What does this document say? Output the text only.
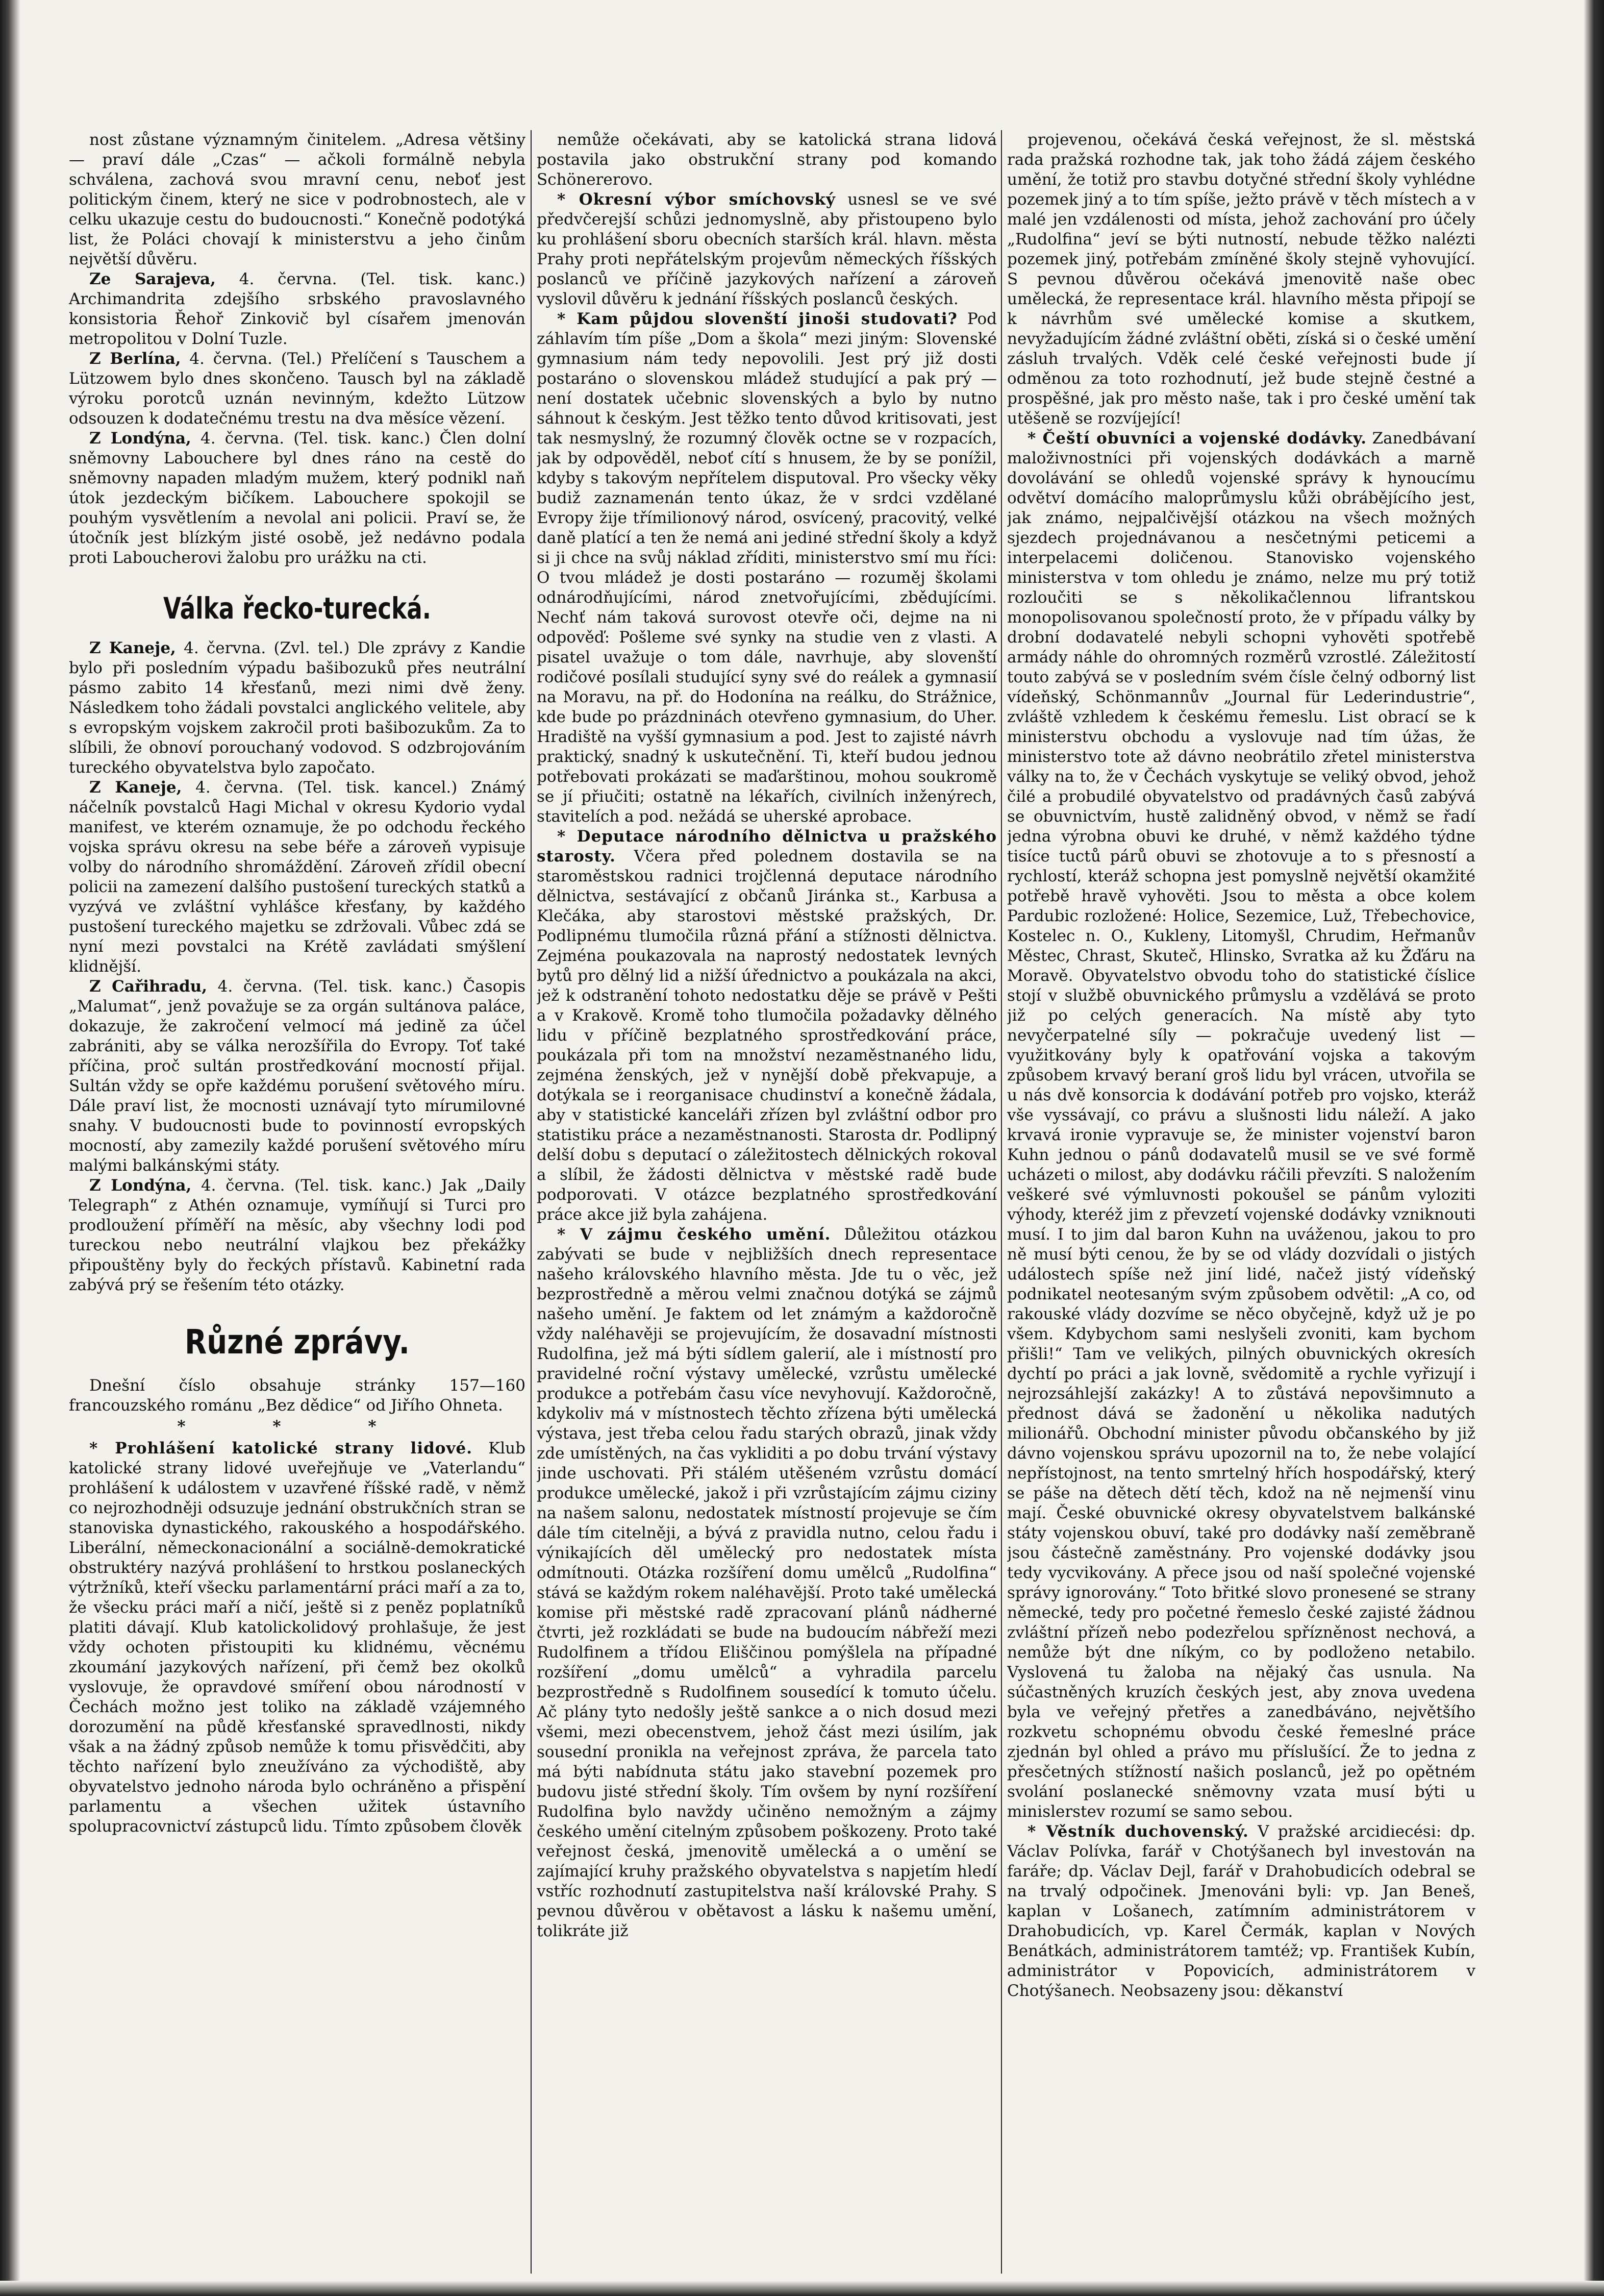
nost zůstane významným činitelem. „Adresa většiny — praví dále „Czas“ — ačkoli formálně nebyla schválena, zachová svou mravní cenu, neboť jest politickým činem, který ne sice v podrobnostech, ale v celku ukazuje cestu do budoucnosti.“ Konečně podotýká list, že Poláci chovají k ministerstvu a jeho činům největší důvěru.

Ze Sarajeva, 4. června. (Tel. tisk. kanc.) Archimandrita zdejšího srbského pravoslavného konsistoria Řehoř Zinkovič byl císařem jmenován metropolitou v Dolní Tuzle.

Z Berlína, 4. června. (Tel.) Přelíčení s Tauschem a Lützowem bylo dnes skončeno. Tausch byl na základě výroku porotců uznán nevinným, kdežto Lützow odsouzen k dodatečnému trestu na dva měsíce vězení.

Z Londýna, 4. června. (Tel. tisk. kanc.) Člen dolní sněmovny Labouchere byl dnes ráno na cestě do sněmovny napaden mladým mužem, který podnikl naň útok jezdeckým bičíkem. Labouchere spokojil se pouhým vysvětlením a nevolal ani policii. Praví se, že útočník jest blízkým jisté osobě, jež nedávno podala proti Laboucherovi žalobu pro urážku na cti.

Válka řecko-turecká.

Z Kaneje, 4. června. (Zvl. tel.) Dle zprávy z Kandie bylo při posledním výpadu bašibozuků přes neutrální pásmo zabito 14 křesťanů, mezi nimi dvě ženy. Následkem toho žádali povstalci anglického velitele, aby s evropským vojskem zakročil proti bašibozukům. Za to slíbili, že obnoví porouchaný vodovod. S odzbrojováním tureckého obyvatelstva bylo započato.

Z Kaneje, 4. června. (Tel. tisk. kancel.) Známý náčelník povstalců Hagi Michal v okresu Kydorio vydal manifest, ve kterém oznamuje, že po odchodu řeckého vojska správu okresu na sebe béře a zároveň vypisuje volby do národního shromáždění. Zároveň zřídil obecní policii na zamezení dalšího pustošení tureckých statků a vyzývá ve zvláštní vyhlášce křesťany, by každého pustošení tureckého majetku se zdržovali. Vůbec zdá se nyní mezi povstalci na Krétě zavládati smýšlení klidnější.

Z Cařihradu, 4. června. (Tel. tisk. kanc.) Časopis „Malumat“, jenž považuje se za orgán sultánova paláce, dokazuje, že zakročení velmocí má jedině za účel zabrániti, aby se válka nerozšířila do Evropy. Toť také příčina, proč sultán prostředkování mocností přijal. Sultán vždy se opře každému porušení světového míru. Dále praví list, že mocnosti uznávají tyto mírumilovné snahy. V budoucnosti bude to povinností evropských mocností, aby zamezily každé porušení světového míru malými balkánskými státy.

Z Londýna, 4. června. (Tel. tisk. kanc.) Jak „Daily Telegraph“ z Athén oznamuje, vymíňují si Turci pro prodloužení příměří na měsíc, aby všechny lodi pod tureckou nebo neutrální vlajkou bez překážky připouštěny byly do řeckých přístavů. Kabinetní rada zabývá prý se řešením této otázky.

Různé zprávy.

Dnešní číslo obsahuje stránky 157—160 francouzského románu „Bez dědice“ od Jiřího Ohneta.

* * *

* Prohlášení katolické strany lidové. Klub katolické strany lidové uveřejňuje ve „Vaterlandu“ prohlášení k událostem v uzavřené říšské radě, v němž co nejrozhodněji odsuzuje jednání obstrukčních stran se stanoviska dynastického, rakouského a hospodářského. Liberální, německonacionální a sociálně-demokratické obstruktéry nazývá prohlášení to hrstkou poslaneckých výtržníků, kteří všecku parlamentární práci maří a za to, že všecku práci maří a ničí, ještě si z peněz poplatníků platiti dávají. Klub katolickolidový prohlašuje, že jest vždy ochoten přistoupiti ku klidnému, věcnému zkoumání jazykových nařízení, při čemž bez okolků vyslovuje, že opravdové smíření obou národností v Čechách možno jest toliko na základě vzájemného dorozumění na půdě křesťanské spravedlnosti, nikdy však a na žádný způsob nemůže k tomu přisvědčiti, aby těchto nařízení bylo zneužíváno za východiště, aby obyvatelstvo jednoho národa bylo ochráněno a přispění parlamentu a všechen užitek ústavního spolupracovnictví zástupců lidu. Tímto způsobem člověk

nemůže očekávati, aby se katolická strana lidová postavila jako obstrukční strany pod komando Schönererovo.

* Okresní výbor smíchovský usnesl se ve své předvčerejší schůzi jednomyslně, aby přistoupeno bylo ku prohlášení sboru obecních starších král. hlavn. města Prahy proti nepřátelským projevům německých říšských poslanců ve příčině jazykových nařízení a zároveň vyslovil důvěru k jednání říšských poslanců českých.

* Kam půjdou slovenští jinoši studovati? Pod záhlavím tím píše „Dom a škola“ mezi jiným: Slovenské gymnasium nám tedy nepovolili. Jest prý již dosti postaráno o slovenskou mládež studující a pak prý — není dostatek učebnic slovenských a bylo by nutno sáhnout k českým. Jest těžko tento důvod kritisovati, jest tak nesmyslný, že rozumný člověk octne se v rozpacích, jak by odpověděl, neboť cítí s hnusem, že by se ponížil, kdyby s takovým nepřítelem disputoval. Pro všecky věky budiž zaznamenán tento úkaz, že v srdci vzdělané Evropy žije třímilionový národ, osvícený, pracovitý, velké daně platící a ten že nemá ani jediné střední školy a když si ji chce na svůj náklad zříditi, ministerstvo smí mu říci: O tvou mládež je dosti postaráno — rozuměj školami odnárodňujícími, národ znetvořujícími, zbědujícími. Nechť nám taková surovost otevře oči, dejme na ni odpověď: Pošleme své synky na studie ven z vlasti. A pisatel uvažuje o tom dále, navrhuje, aby slovenští rodičové posílali studující syny své do reálek a gymnasií na Moravu, na př. do Hodonína na reálku, do Strážnice, kde bude po prázdninách otevřeno gymnasium, do Uher. Hradiště na vyšší gymnasium a pod. Jest to zajisté návrh praktický, snadný k uskutečnění. Ti, kteří budou jednou potřebovati prokázati se maďarštinou, mohou soukromě se jí přiučiti; ostatně na lékařích, civilních inženýrech, stavitelích a pod. nežádá se uherské aprobace.

* Deputace národního dělnictva u pražského starosty. Včera před polednem dostavila se na staroměstskou radnici trojčlenná deputace národního dělnictva, sestávající z občanů Jiránka st., Karbusa a Klečáka, aby starostovi městské pražských, Dr. Podlipnému tlumočila různá přání a stížnosti dělnictva. Zejména poukazovala na naprostý nedostatek levných bytů pro dělný lid a nižší úřednictvo a poukázala na akci, jež k odstranění tohoto nedostatku děje se právě v Pešti a v Krakově. Kromě toho tlumočila požadavky dělného lidu v příčině bezplatného sprostředkování práce, poukázala při tom na množství nezaměstnaného lidu, zejména ženských, jež v nynější době překvapuje, a dotýkala se i reorganisace chudinství a konečně žádala, aby v statistické kanceláři zřízen byl zvláštní odbor pro statistiku práce a nezaměstnanosti. Starosta dr. Podlipný delší dobu s deputací o záležitostech dělnických rokoval a slíbil, že žádosti dělnictva v městské radě bude podporovati. V otázce bezplatného sprostředkování práce akce již byla zahájena.

* V zájmu českého umění. Důležitou otázkou zabývati se bude v nejbližších dnech representace našeho královského hlavního města. Jde tu o věc, jež bezprostředně a měrou velmi značnou dotýká se zájmů našeho umění. Je faktem od let známým a každoročně vždy naléhavěji se projevujícím, že dosavadní místnosti Rudolfina, jež má býti sídlem galerií, ale i místností pro pravidelné roční výstavy umělecké, vzrůstu umělecké produkce a potřebám času více nevyhovují. Každoročně, kdykoliv má v místnostech těchto zřízena býti umělecká výstava, jest třeba celou řadu starých obrazů, jinak vždy zde umístěných, na čas vykliditi a po dobu trvání výstavy jinde uschovati. Při stálém utěšeném vzrůstu domácí produkce umělecké, jakož i při vzrůstajícím zájmu ciziny na našem salonu, nedostatek místností projevuje se čím dále tím citelněji, a bývá z pravidla nutno, celou řadu i výnikajících děl umělecký pro nedostatek místa odmítnouti. Otázka rozšíření domu umělců „Rudolfina“ stává se každým rokem naléhavější. Proto také umělecká komise při městské radě zpracovaní plánů nádherné čtvrti, jež rozkládati se bude na budoucím nábřeží mezi Rudolfinem a třídou Eliščinou pomýšlela na případné rozšíření „domu umělců“ a vyhradila parcelu bezprostředně s Rudolfinem sousedící k tomuto účelu. Ač plány tyto nedošly ještě sankce a o nich dosud mezi všemi, mezi obecenstvem, jehož část mezi úsilím, jak sousední pronikla na veřejnost zpráva, že parcela tato má býti nabídnuta státu jako stavební pozemek pro budovu jisté střední školy. Tím ovšem by nyní rozšíření Rudolfina bylo navždy učiněno nemožným a zájmy českého umění citelným způsobem poškozeny. Proto také veřejnost česká, jmenovitě umělecká a o umění se zajímající kruhy pražského obyvatelstva s napjetím hledí vstříc rozhodnutí zastupitelstva naší královské Prahy. S pevnou důvěrou v obětavost a lásku k našemu umění, tolikráte již

projevenou, očekává česká veřejnost, že sl. městská rada pražská rozhodne tak, jak toho žádá zájem českého umění, že totiž pro stavbu dotyčné střední školy vyhlédne pozemek jiný a to tím spíše, ježto právě v těch místech a v malé jen vzdálenosti od místa, jehož zachování pro účely „Rudolfina“ jeví se býti nutností, nebude těžko nalézti pozemek jiný, potřebám zmíněné školy stejně vyhovující. S pevnou důvěrou očekává jmenovitě naše obec umělecká, že representace král. hlavního města připojí se k návrhům své umělecké komise a skutkem, nevyžadujícím žádné zvláštní oběti, získá si o české umění zásluh trvalých. Vděk celé české veřejnosti bude jí odměnou za toto rozhodnutí, jež bude stejně čestné a prospěšné, jak pro město naše, tak i pro české umění tak utěšeně se rozvíjející!

* Čeští obuvníci a vojenské dodávky. Zanedbávaní maloživnostníci při vojenských dodávkách a marně dovolávání se ohledů vojenské správy k hynoucímu odvětví domácího maloprůmyslu kůži obrábějícího jest, jak známo, nejpalčivější otázkou na všech možných sjezdech projednávanou a nesčetnými peticemi a interpelacemi doličenou. Stanovisko vojenského ministerstva v tom ohledu je známo, nelze mu prý totiž rozloučiti se s několikačlennou lifrantskou monopolisovanou společností proto, že v případu války by drobní dodavatelé nebyli schopni vyhověti spotřebě armády náhle do ohromných rozměrů vzrostlé. Záležitostí touto zabývá se v posledním svém čísle čelný odborný list vídeňský, Schönmannův „Journal für Lederindustrie“, zvláště vzhledem k českému řemeslu. List obrací se k ministerstvu obchodu a vyslovuje nad tím úžas, že ministerstvo tote až dávno neobrátilo zřetel ministerstva války na to, že v Čechách vyskytuje se veliký obvod, jehož čilé a probudilé obyvatelstvo od pradávných časů zabývá se obuvnictvím, hustě zalidněný obvod, v němž se řadí jedna výrobna obuvi ke druhé, v němž každého týdne tisíce tuctů párů obuvi se zhotovuje a to s přesností a rychlostí, kteráž schopna jest pomyslně největší okamžité potřebě hravě vyhověti. Jsou to města a obce kolem Pardubic rozložené: Holice, Sezemice, Luž, Třebechovice, Kostelec n. O., Kukleny, Litomyšl, Chrudim, Heřmanův Městec, Chrast, Skuteč, Hlinsko, Svratka až ku Žďáru na Moravě. Obyvatelstvo obvodu toho do statistické číslice stojí v službě obuvnického průmyslu a vzdělává se proto již po celých generacích. Na místě aby tyto nevyčerpatelné síly — pokračuje uvedený list — využitkovány byly k opatřování vojska a takovým způsobem krvavý beraní groš lidu byl vrácen, utvořila se u nás dvě konsorcia k dodávání potřeb pro vojsko, kteráž vše vyssávají, co právu a slušnosti lidu náleží. A jako krvavá ironie vypravuje se, že minister vojenství baron Kuhn jednou o pánů dodavatelů musil se ve své formě ucházeti o milost, aby dodávku ráčili převzíti. S naložením veškeré své výmluvnosti pokoušel se pánům vyloziti výhody, kteréž jim z převzetí vojenské dodávky vzniknouti musí. I to jim dal baron Kuhn na uváženou, jakou to pro ně musí býti cenou, že by se od vlády dozvídali o jistých událostech spíše než jiní lidé, načež jistý vídeňský podnikatel neotesaným svým způsobem odvětil: „A co, od rakouské vlády dozvíme se něco obyčejně, když už je po všem. Kdybychom sami neslyšeli zvoniti, kam bychom přišli!“ Tam ve velikých, pilných obuvnických okresích dychtí po práci a jak lovně, svědomitě a rychle vyřizují i nejrozsáhlejší zakázky! A to zůstává nepovšimnuto a přednost dává se žadonění u několika nadutých milionářů. Obchodní minister původu občanského by již dávno vojenskou správu upozornil na to, že nebe volající nepřístojnost, na tento smrtelný hřích hospodářský, který se páše na dětech dětí těch, kdož na ně nejmenší vinu mají. České obuvnické okresy obyvatelstvem balkánské státy vojenskou obuví, také pro dodávky naší zeměbraně jsou částečně zaměstnány. Pro vojenské dodávky jsou tedy vycvikovány. A přece jsou od naší společné vojenské správy ignorovány.“ Toto břitké slovo pronesené se strany německé, tedy pro početné řemeslo české zajisté žádnou zvláštní přízeň nebo podezřelou spřízněnost nechová, a nemůže být dne níkým, co by podloženo netabilo. Vyslovená tu žaloba na nějaký čas usnula. Na súčastněných kruzích českých jest, aby znova uvedena byla ve veřejný přetřes a zanedbáváno, největšího rozkvetu schopnému obvodu české řemeslné práce zjednán byl ohled a právo mu příslušící. Že to jedna z přesčetných stížností našich poslanců, jež po opětném svolání poslanecké sněmovny vzata musí býti u minislerstev rozumí se samo sebou.

* Věstník duchovenský. V pražské arcidiecési: dp. Václav Polívka, farář v Chotýšanech byl investován na faráře; dp. Václav Dejl, farář v Drahobudicích odebral se na trvalý odpočinek. Jmenováni byli: vp. Jan Beneš, kaplan v Lošanech, zatímním administrátorem v Drahobudicích, vp. Karel Čermák, kaplan v Nových Benátkách, administrátorem tamtéž; vp. František Kubín, administrátor v Popovicích, administrátorem v Chotýšanech. Neobsazeny jsou: děkanství
